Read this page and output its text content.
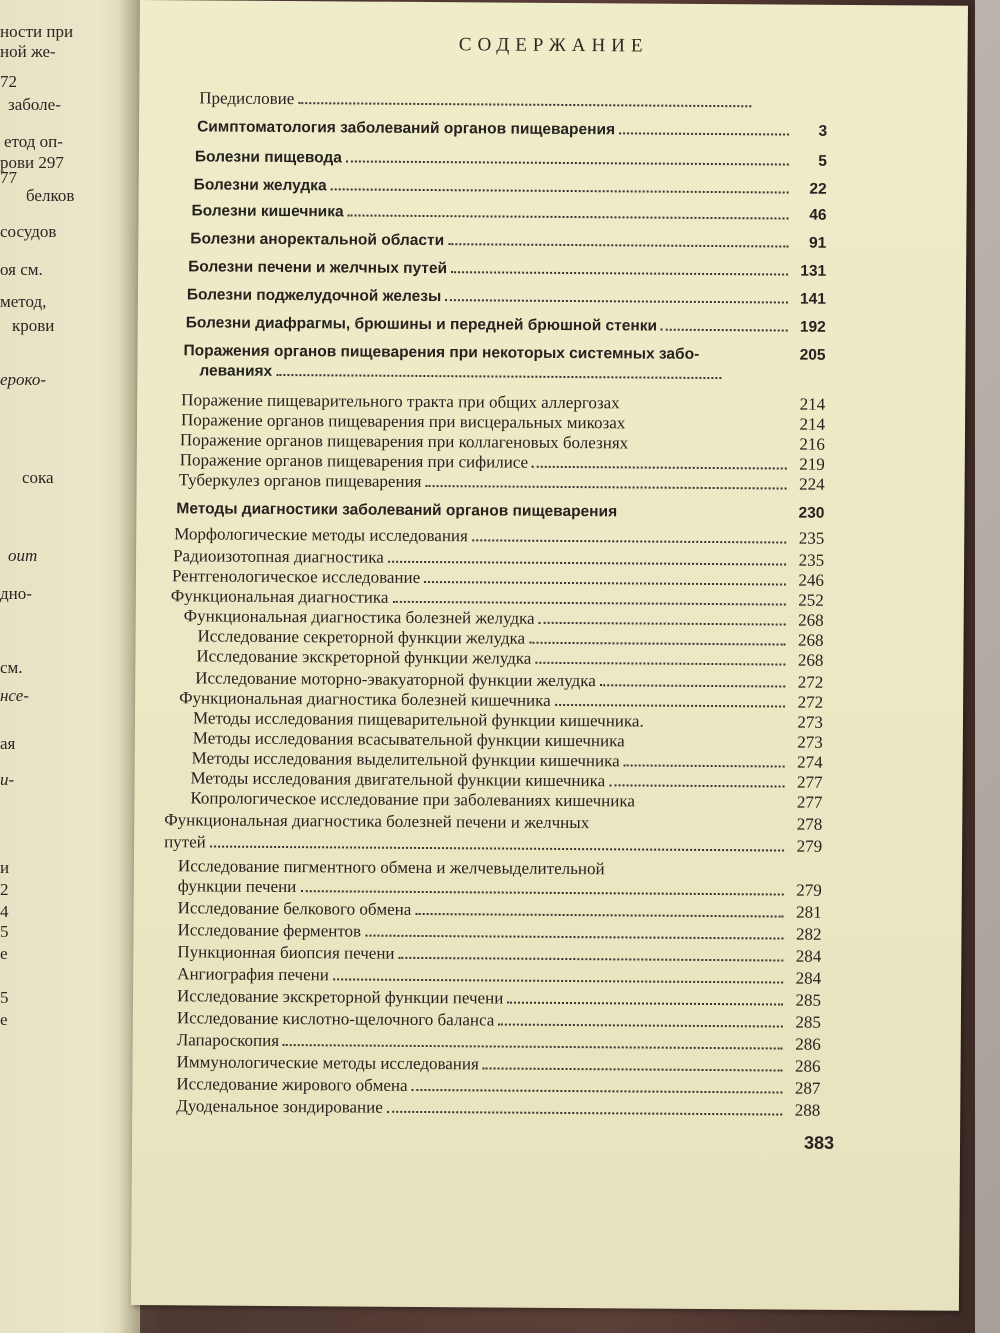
ности при
ной же-
72
заболе-
етод оп-
рови 297
77
белков
сосудов
оя см.
метод,
крови
ероко-
сока
оит
дно-
см.
нсе-
ая
и-
и
2
4
5
е
5
е
СОДЕРЖАНИЕ
Предисловие
Симптоматология заболеваний органов пищеварения	3
Болезни пищевода	5
Болезни желудка	22
Болезни кишечника	46
Болезни аноректальной области	91
Болезни печени и желчных путей	131
Болезни поджелудочной железы	141
Болезни диафрагмы, брюшины и передней брюшной стенки	192
Поражения органов пищеварения при некоторых системных забо-	205
леваниях
Поражение пищеварительного тракта при общих аллергозах	214
Поражение органов пищеварения при висцеральных микозах	214
Поражение органов пищеварения при коллагеновых болезнях	216
Поражение органов пищеварения при сифилисе	219
Туберкулез органов пищеварения	224
Методы диагностики заболеваний органов пищеварения	230
Морфологические методы исследования	235
Радиоизотопная диагностика	235
Рентгенологическое исследование	246
Функциональная диагностика	252
Функциональная диагностика болезней желудка	268
Исследование секреторной функции желудка	268
Исследование экскреторной функции желудка	268
Исследование моторно-эвакуаторной функции желудка	272
Функциональная диагностика болезней кишечника	272
Методы исследования пищеварительной функции кишечника.	273
Методы исследования всасывательной функции кишечника	273
Методы исследования выделительной функции кишечника	274
Методы исследования двигательной функции кишечника	277
Копрологическое исследование при заболеваниях кишечника	277
Функциональная диагностика болезней печени и желчных	278
путей	279
Исследование пигментного обмена и желчевыделительной
функции печени	279
Исследование белкового обмена	281
Исследование ферментов	282
Пункционная биопсия печени	284
Ангиография печени	284
Исследование экскреторной функции печени	285
Исследование кислотно-щелочного баланса	285
Лапароскопия	286
Иммунологические методы исследования	286
Исследование жирового обмена	287
Дуоденальное зондирование	288
383
